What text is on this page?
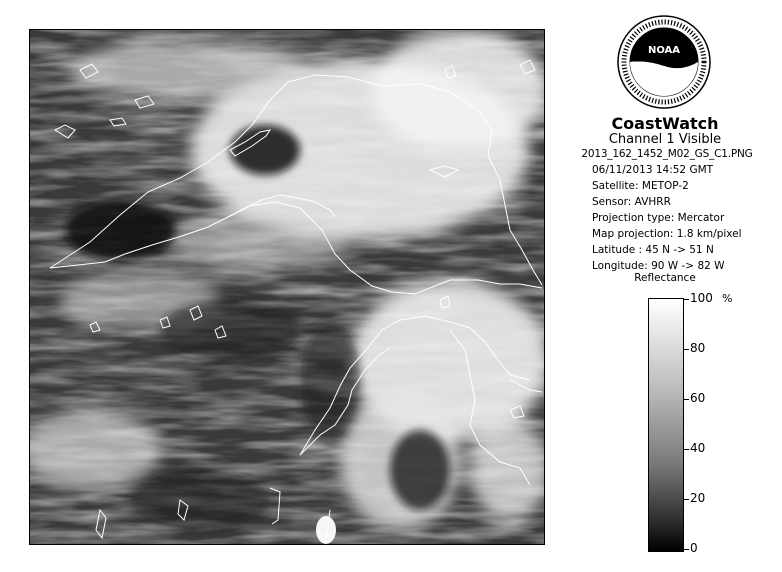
NOAA
CoastWatch
Channel 1 Visible
2013_162_1452_M02_GS_C1.PNG
06/11/2013 14:52 GMT
Satellite: METOP-2
Sensor: AVHRR
Projection type: Mercator
Map projection: 1.8 km/pixel
Latitude : 45 N -> 51 N
Longitude: 90 W -> 82 W
Reflectance
%
100
80
60
40
20
0
